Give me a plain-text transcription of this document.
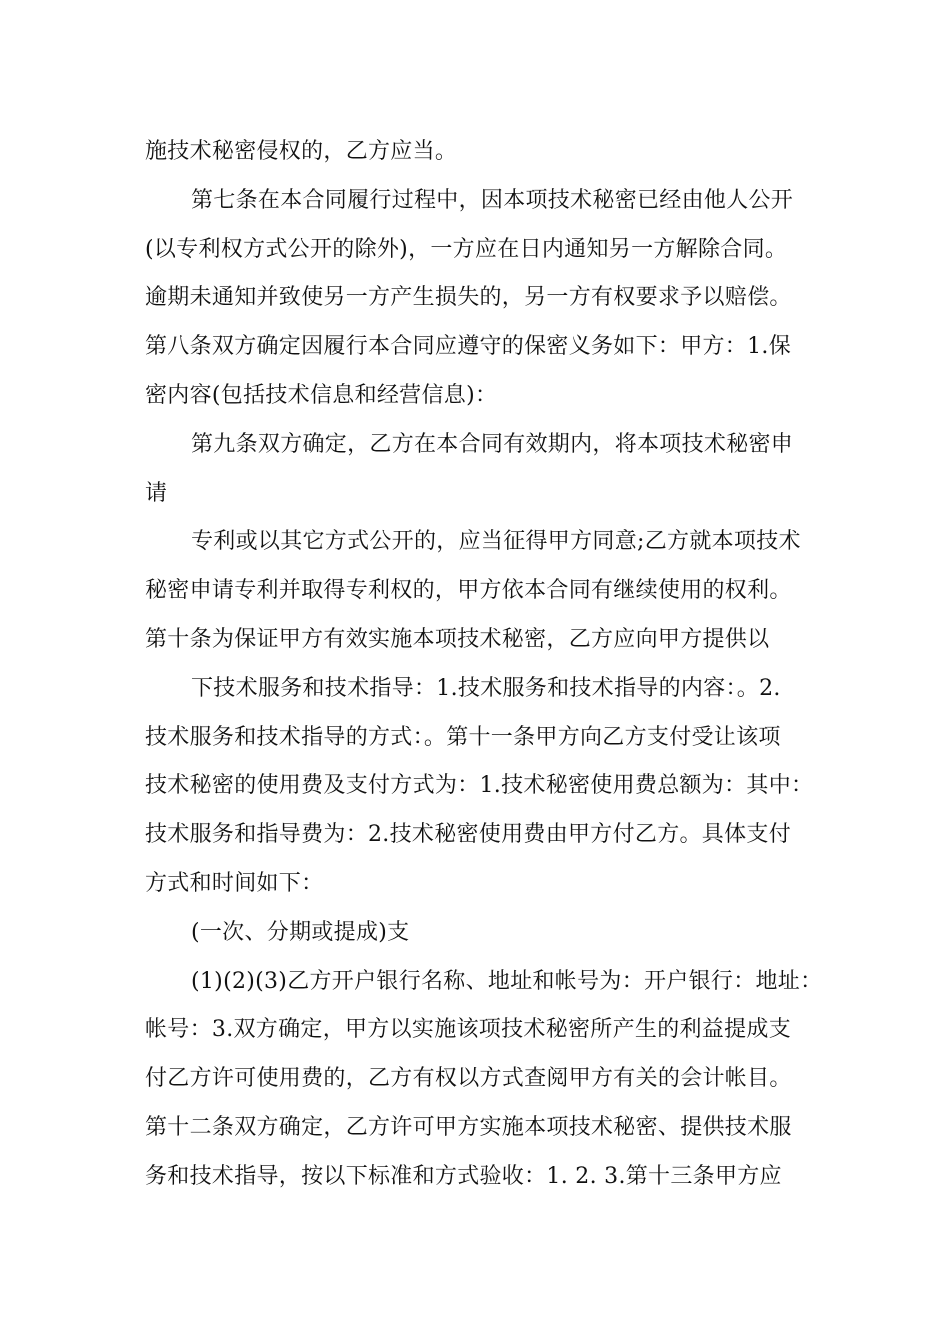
施技术秘密侵权的，乙方应当。
第七条在本合同履行过程中，因本项技术秘密已经由他人公开
(以专利权方式公开的除外)，一方应在日内通知另一方解除合同。
逾期未通知并致使另一方产生损失的，另一方有权要求予以赔偿。
第八条双方确定因履行本合同应遵守的保密义务如下：甲方：1.保
密内容(包括技术信息和经营信息)：
第九条双方确定，乙方在本合同有效期内，将本项技术秘密申
请
专利或以其它方式公开的，应当征得甲方同意;乙方就本项技术
秘密申请专利并取得专利权的，甲方依本合同有继续使用的权利。
第十条为保证甲方有效实施本项技术秘密，乙方应向甲方提供以
下技术服务和技术指导：1.技术服务和技术指导的内容：。2.
技术服务和技术指导的方式：。第十一条甲方向乙方支付受让该项
技术秘密的使用费及支付方式为：1.技术秘密使用费总额为：其中：
技术服务和指导费为：2.技术秘密使用费由甲方付乙方。具体支付
方式和时间如下：
(一次、分期或提成)支
(1)(2)(3)乙方开户银行名称、地址和帐号为：开户银行：地址：
帐号：3.双方确定，甲方以实施该项技术秘密所产生的利益提成支
付乙方许可使用费的，乙方有权以方式查阅甲方有关的会计帐目。
第十二条双方确定，乙方许可甲方实施本项技术秘密、提供技术服
务和技术指导，按以下标准和方式验收：1. 2. 3.第十三条甲方应
